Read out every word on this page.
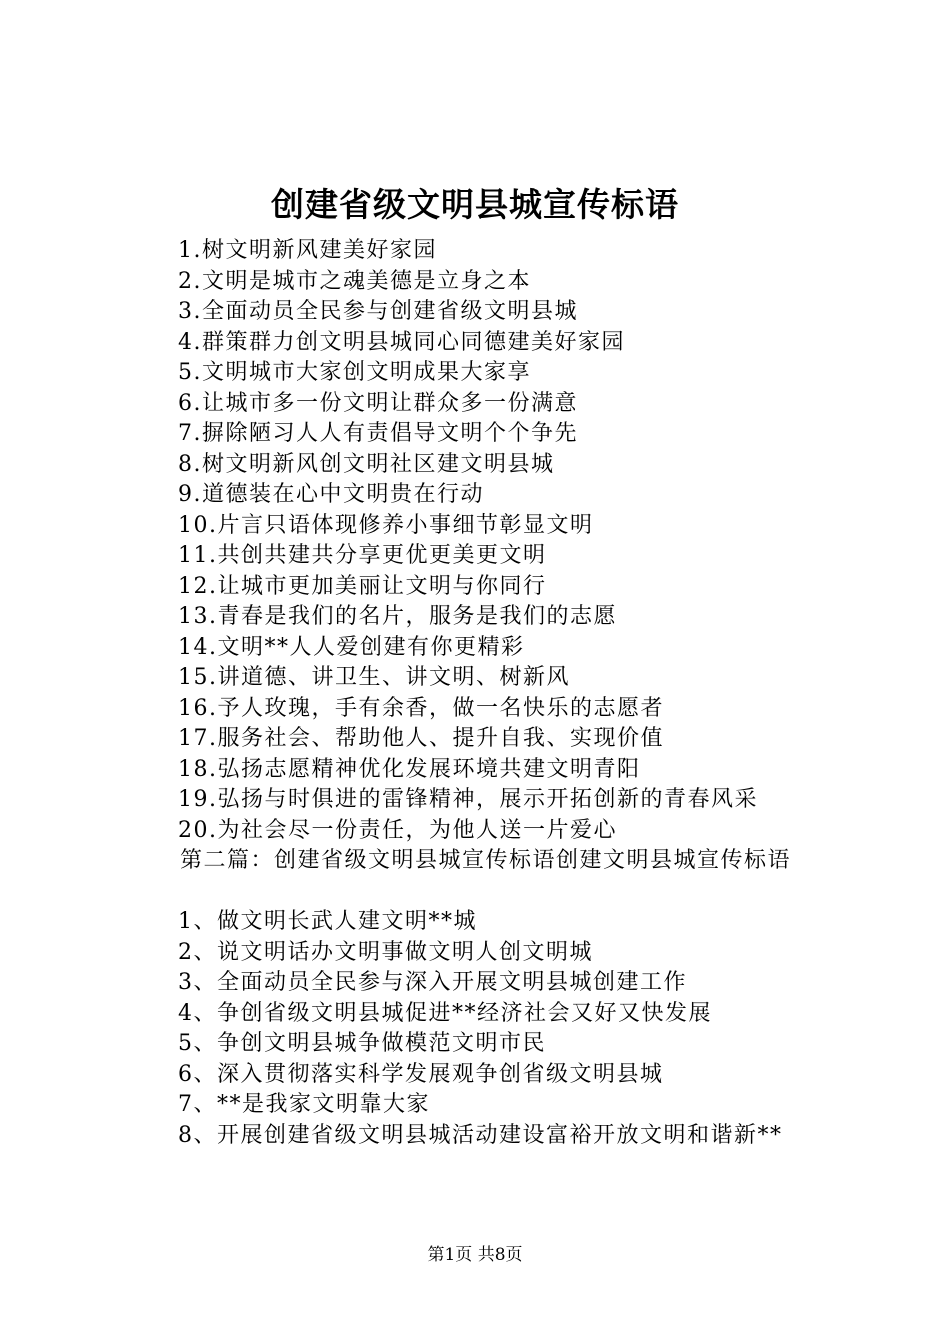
创建省级文明县城宣传标语
1.树文明新风建美好家园
2.文明是城市之魂美德是立身之本
3.全面动员全民参与创建省级文明县城
4.群策群力创文明县城同心同德建美好家园
5.文明城市大家创文明成果大家享
6.让城市多一份文明让群众多一份满意
7.摒除陋习人人有责倡导文明个个争先
8.树文明新风创文明社区建文明县城
9.道德装在心中文明贵在行动
10.片言只语体现修养小事细节彰显文明
11.共创共建共分享更优更美更文明
12.让城市更加美丽让文明与你同行
13.青春是我们的名片，服务是我们的志愿
14.文明**人人爱创建有你更精彩
15.讲道德、讲卫生、讲文明、树新风
16.予人玫瑰，手有余香，做一名快乐的志愿者
17.服务社会、帮助他人、提升自我、实现价值
18.弘扬志愿精神优化发展环境共建文明青阳
19.弘扬与时俱进的雷锋精神，展示开拓创新的青春风采
20.为社会尽一份责任，为他人送一片爱心

第二篇：创建省级文明县城宣传标语创建文明县城宣传标语

1、做文明长武人建文明**城
2、说文明话办文明事做文明人创文明城
3、全面动员全民参与深入开展文明县城创建工作
4、争创省级文明县城促进**经济社会又好又快发展
5、争创文明县城争做模范文明市民
6、深入贯彻落实科学发展观争创省级文明县城
7、**是我家文明靠大家
8、开展创建省级文明县城活动建设富裕开放文明和谐新**
第1页 共8页
